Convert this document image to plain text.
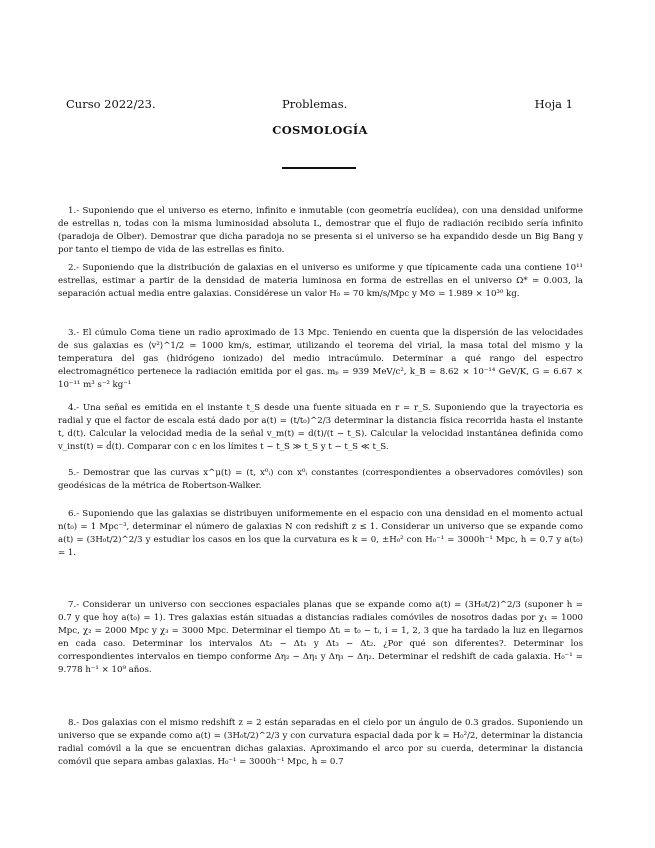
Curso 2022/23.	Problemas.	Hoja 1
COSMOLOGÍA

1.- Suponiendo que el universo es eterno, infinito e inmutable (con geometría euclídea), con una densidad uniforme de estrellas n, todas con la misma luminosidad absoluta L, demostrar que el flujo de radiación recibido sería infinito (paradoja de Olber). Demostrar que dicha paradoja no se presenta si el universo se ha expandido desde un Big Bang y por tanto el tiempo de vida de las estrellas es finito.

2.- Suponiendo que la distribución de galaxias en el universo es uniforme y que típicamente cada una contiene 10¹¹ estrellas, estimar a partir de la densidad de materia luminosa en forma de estrellas en el universo Ω* ≃ 0.003, la separación actual media entre galaxias. Considérese un valor H₀ = 70 km/s/Mpc y M⊙ = 1.989 × 10³⁰ kg.

3.- El cúmulo Coma tiene un radio aproximado de 13 Mpc. Teniendo en cuenta que la dispersión de las velocidades de sus galaxias es ⟨v²⟩^1/2 ≃ 1000 km/s, estimar, utilizando el teorema del virial, la masa total del mismo y la temperatura del gas (hidrógeno ionizado) del medio intracúmulo. Determinar a qué rango del espectro electromagnético pertenece la radiación emitida por el gas. mₚ = 939 MeV/c², k_B = 8.62 × 10⁻¹⁴ GeV/K, G = 6.67 × 10⁻¹¹ m³ s⁻² kg⁻¹

4.- Una señal es emitida en el instante t_S desde una fuente situada en r = r_S. Suponiendo que la trayectoria es radial y que el factor de escala está dado por a(t) = (t/t₀)^2/3 determinar la distancia física recorrida hasta el instante t, d(t). Calcular la velocidad media de la señal v_m(t) = d(t)/(t − t_S). Calcular la velocidad instantánea definida como v_inst(t) = ḋ(t). Comparar con c en los límites t − t_S ≫ t_S y t − t_S ≪ t_S.

5.- Demostrar que las curvas x^μ(t) = (t, x⁰ᵢ) con x⁰ᵢ constantes (correspondientes a observadores comóviles) son geodésicas de la métrica de Robertson-Walker.

6.- Suponiendo que las galaxias se distribuyen uniformemente en el espacio con una densidad en el momento actual n(t₀) = 1 Mpc⁻³, determinar el número de galaxias N con redshift z ≤ 1. Considerar un universo que se expande como a(t) = (3H₀t/2)^2/3 y estudiar los casos en los que la curvatura es k = 0, ±H₀² con H₀⁻¹ = 3000h⁻¹ Mpc, h = 0.7 y a(t₀) = 1.

7.- Considerar un universo con secciones espaciales planas que se expande como a(t) = (3H₀t/2)^2/3 (suponer h = 0.7 y que hoy a(t₀) = 1). Tres galaxias están situadas a distancias radiales comóviles de nosotros dadas por χ₁ = 1000 Mpc, χ₂ = 2000 Mpc y χ₃ = 3000 Mpc. Determinar el tiempo Δtᵢ = t₀ − tᵢ, i = 1, 2, 3 que ha tardado la luz en llegarnos en cada caso. Determinar los intervalos Δt₂ − Δt₁ y Δt₃ − Δt₂. ¿Por qué son diferentes?. Determinar los correspondientes intervalos en tiempo conforme Δη₂ − Δη₁ y Δη₃ − Δη₂. Determinar el redshift de cada galaxia. H₀⁻¹ = 9.778 h⁻¹ × 10⁹ años.

8.- Dos galaxias con el mismo redshift z = 2 están separadas en el cielo por un ángulo de 0.3 grados. Suponiendo un universo que se expande como a(t) = (3H₀t/2)^2/3 y con curvatura espacial dada por k = H₀²/2, determinar la distancia radial comóvil a la que se encuentran dichas galaxias. Aproximando el arco por su cuerda, determinar la distancia comóvil que separa ambas galaxias. H₀⁻¹ = 3000h⁻¹ Mpc, h = 0.7
